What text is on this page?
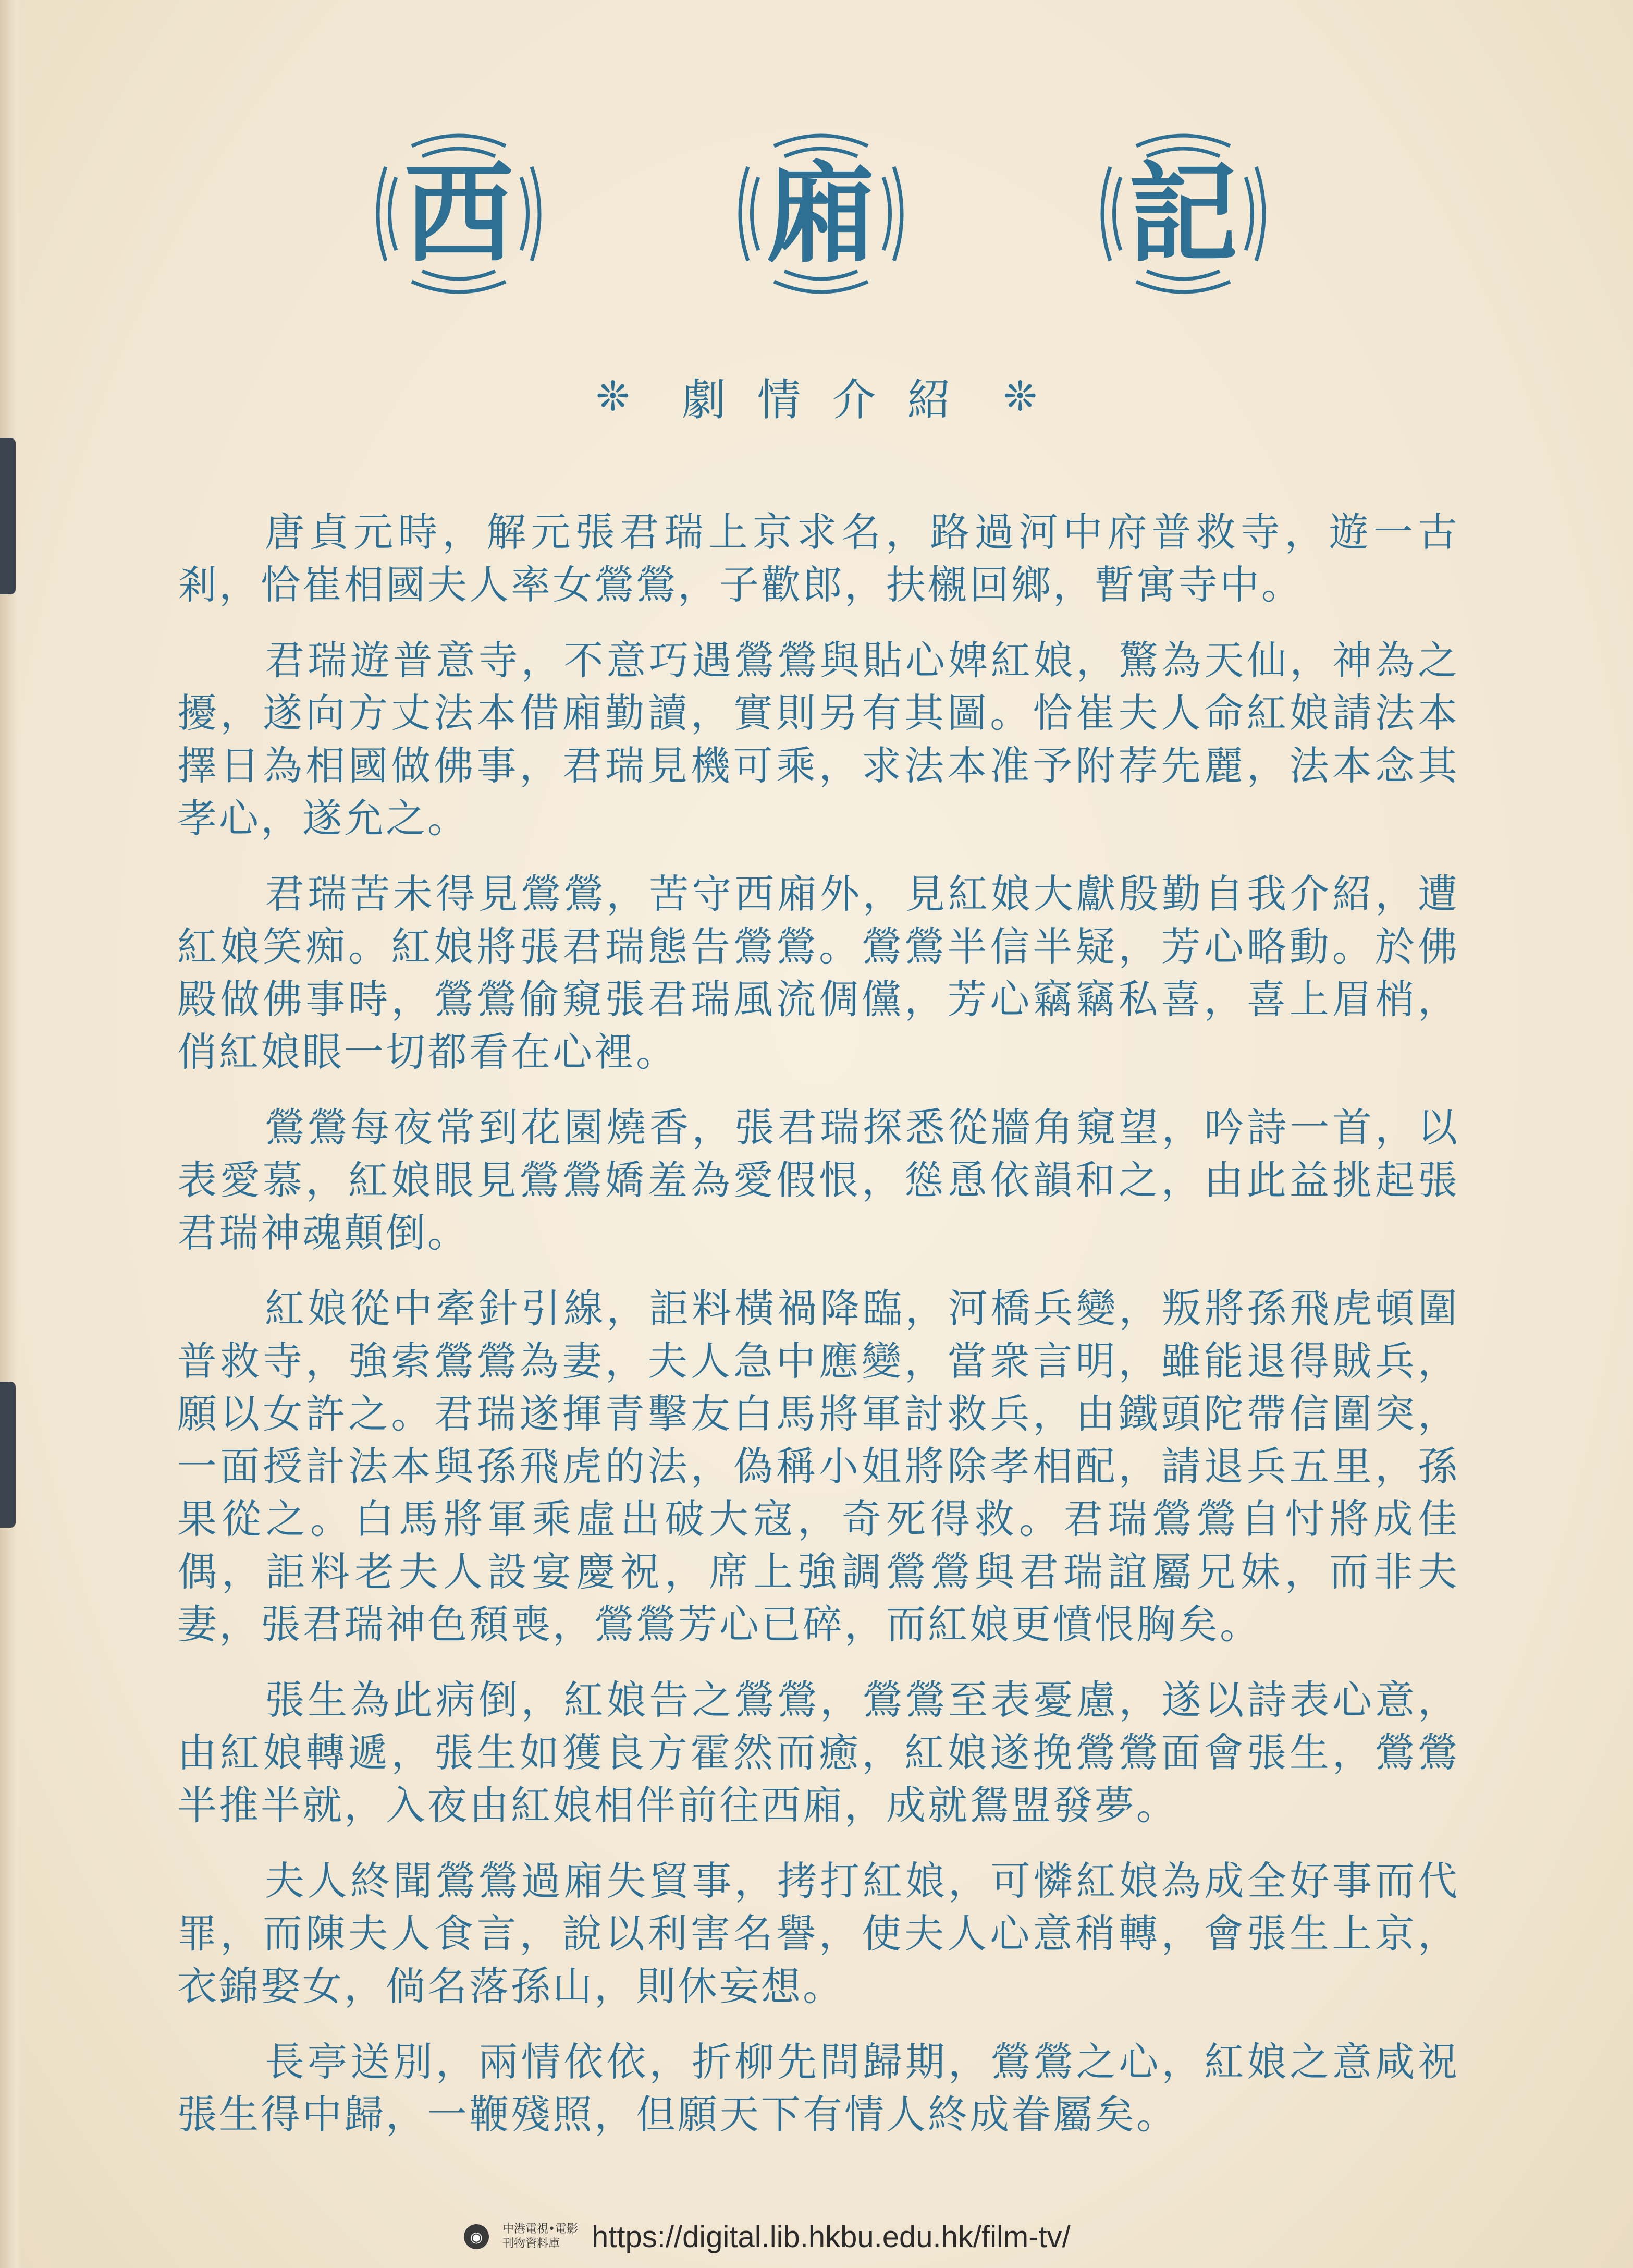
西 廂 記
❊	劇情介紹 ❊

唐貞元時，解元張君瑞上京求名，路過河中府普救寺，遊一古剎，恰崔相國夫人率女鶯鶯，子歡郎，扶櫬回鄉，暫寓寺中。

君瑞遊普意寺，不意巧遇鶯鶯與貼心婢紅娘，驚為天仙，神為之擾，遂向方丈法本借廂勤讀，實則另有其圖。恰崔夫人命紅娘請法本擇日為相國做佛事，君瑞見機可乘，求法本准予附荐先麗，法本念其孝心，遂允之。

君瑞苦未得見鶯鶯，苦守西廂外，見紅娘大獻殷勤自我介紹，遭紅娘笑痴。紅娘將張君瑞態告鶯鶯。鶯鶯半信半疑，芳心略動。於佛殿做佛事時，鶯鶯偷窺張君瑞風流倜儻，芳心竊竊私喜，喜上眉梢，俏紅娘眼一切都看在心裡。

鶯鶯每夜常到花園燒香，張君瑞探悉從牆角窺望，吟詩一首，以表愛慕，紅娘眼見鶯鶯嬌羞為愛假恨，慫恿依韻和之，由此益挑起張君瑞神魂顛倒。

紅娘從中牽針引線，詎料橫禍降臨，河橋兵變，叛將孫飛虎頓圍普救寺，強索鶯鶯為妻，夫人急中應變，當衆言明，雖能退得賊兵，願以女許之。君瑞遂揮青擊友白馬將軍討救兵，由鐵頭陀帶信圍突，一面授計法本與孫飛虎的法，偽稱小姐將除孝相配，請退兵五里，孫果從之。白馬將軍乘虛出破大寇，奇死得救。君瑞鶯鶯自忖將成佳偶，詎料老夫人設宴慶祝，席上強調鶯鶯與君瑞誼屬兄妹，而非夫妻，張君瑞神色頹喪，鶯鶯芳心已碎，而紅娘更憤恨胸矣。

張生為此病倒，紅娘告之鶯鶯，鶯鶯至表憂慮，遂以詩表心意，由紅娘轉遞，張生如獲良方霍然而癒，紅娘遂挽鶯鶯面會張生，鶯鶯半推半就，入夜由紅娘相伴前往西廂，成就鴛盟發夢。

夫人終聞鶯鶯過廂失貿事，拷打紅娘，可憐紅娘為成全好事而代罪，而陳夫人食言，說以利害名譽，使夫人心意稍轉，會張生上京，衣錦娶女，倘名落孫山，則休妄想。

長亭送別，兩情依依，折柳先問歸期，鶯鶯之心，紅娘之意咸祝張生得中歸，一鞭殘照，但願天下有情人終成眷屬矣。

◉	中港電視•電影
刊物資料庫	https://digital.lib.hkbu.edu.hk/film-tv/
